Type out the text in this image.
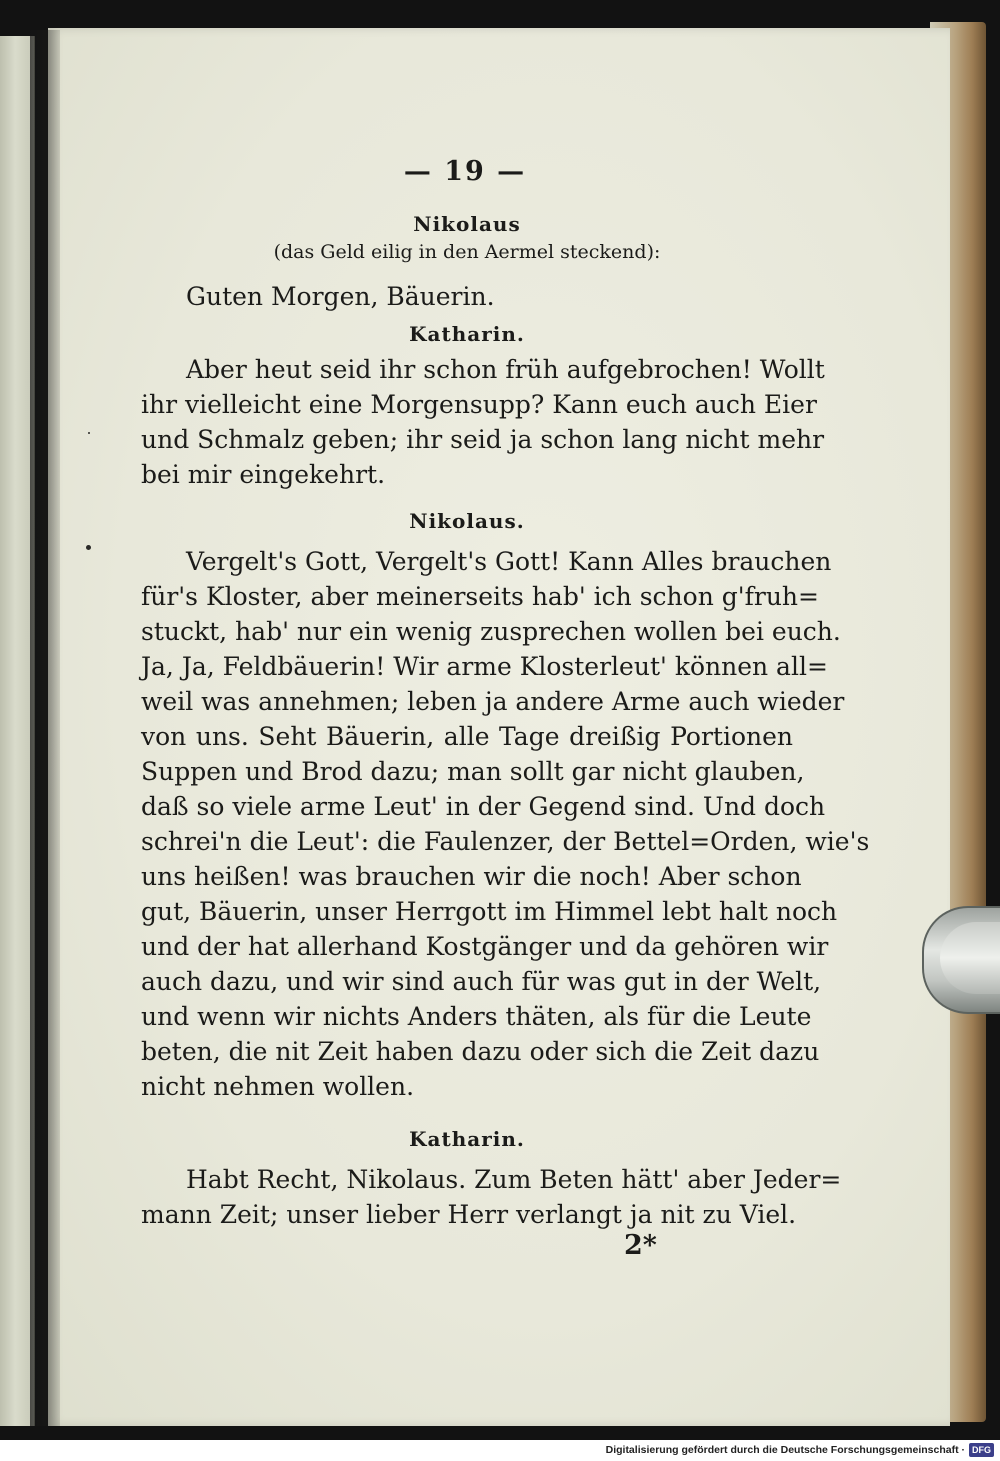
— 19 —
Nikolaus
(das Geld eilig in den Aermel steckend):
Guten Morgen, Bäuerin.
Katharin.
Aber heut seid ihr schon früh aufgebrochen! Wollt
ihr vielleicht eine Morgensupp? Kann euch auch Eier
und Schmalz geben; ihr seid ja schon lang nicht mehr
bei mir eingekehrt.
Nikolaus.
Vergelt's Gott, Vergelt's Gott! Kann Alles brauchen
für's Kloster, aber meinerseits hab' ich schon g'fruh=
stuckt, hab' nur ein wenig zusprechen wollen bei euch.
Ja, Ja, Feldbäuerin! Wir arme Klosterleut' können all=
weil was annehmen; leben ja andere Arme auch wieder
von uns. Seht Bäuerin, alle Tage dreißig Portionen
Suppen und Brod dazu; man sollt gar nicht glauben,
daß so viele arme Leut' in der Gegend sind. Und doch
schrei'n die Leut': die Faulenzer, der Bettel=Orden, wie's
uns heißen! was brauchen wir die noch! Aber schon
gut, Bäuerin, unser Herrgott im Himmel lebt halt noch
und der hat allerhand Kostgänger und da gehören wir
auch dazu, und wir sind auch für was gut in der Welt,
und wenn wir nichts Anders thäten, als für die Leute
beten, die nit Zeit haben dazu oder sich die Zeit dazu
nicht nehmen wollen.
Katharin.
Habt Recht, Nikolaus. Zum Beten hätt' aber Jeder=
mann Zeit; unser lieber Herr verlangt ja nit zu Viel.
2*
Digitalisierung gefördert durch die Deutsche Forschungsgemeinschaft · DFG
